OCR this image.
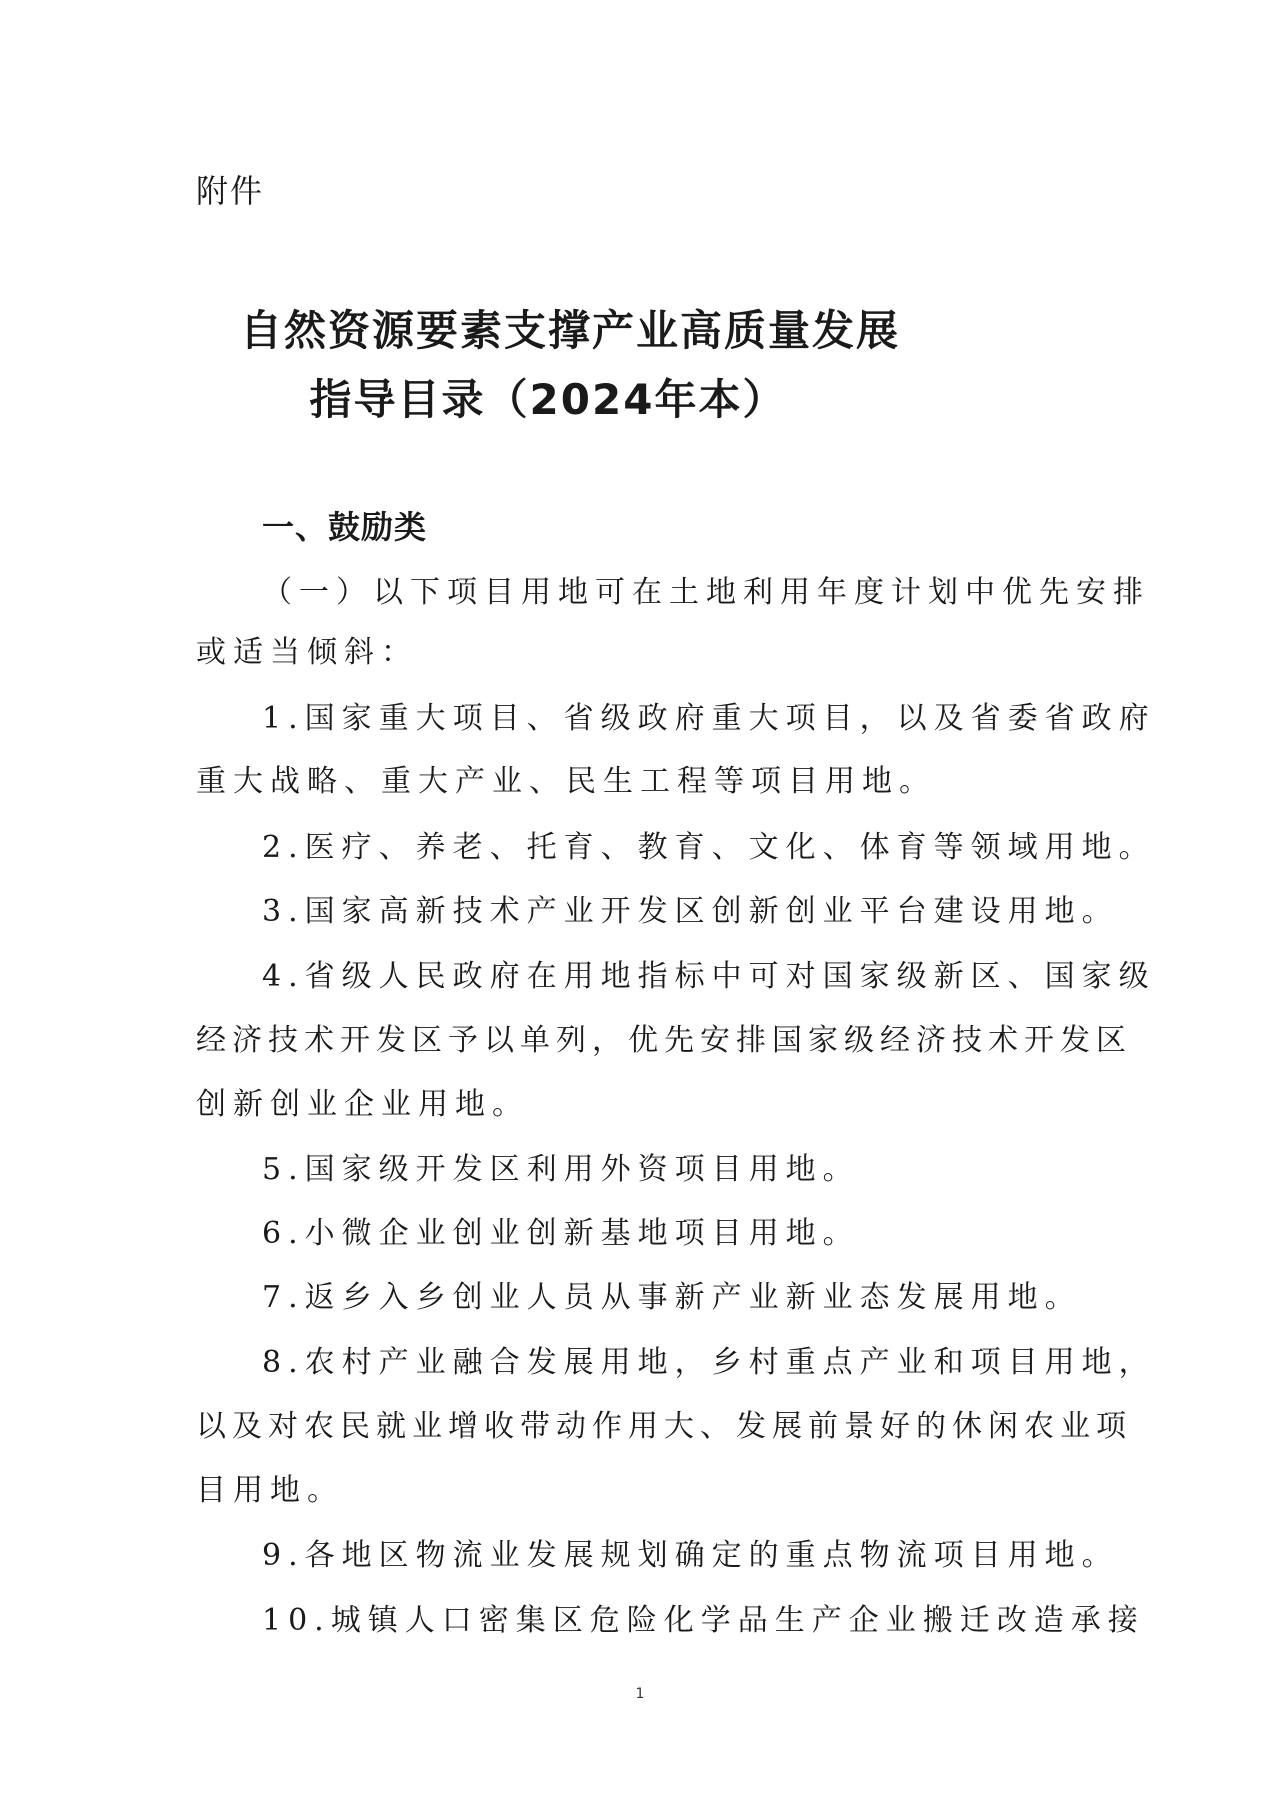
附件
自然资源要素支撑产业高质量发展
指导目录（2024年本）
一、鼓励类
（一）以下项目用地可在土地利用年度计划中优先安排
或适当倾斜：
1.国家重大项目、省级政府重大项目，以及省委省政府
重大战略、重大产业、民生工程等项目用地。
2.医疗、养老、托育、教育、文化、体育等领域用地。
3.国家高新技术产业开发区创新创业平台建设用地。
4.省级人民政府在用地指标中可对国家级新区、国家级
经济技术开发区予以单列，优先安排国家级经济技术开发区
创新创业企业用地。
5.国家级开发区利用外资项目用地。
6.小微企业创业创新基地项目用地。
7.返乡入乡创业人员从事新产业新业态发展用地。
8.农村产业融合发展用地，乡村重点产业和项目用地，
以及对农民就业增收带动作用大、发展前景好的休闲农业项
目用地。
9.各地区物流业发展规划确定的重点物流项目用地。
10.城镇人口密集区危险化学品生产企业搬迁改造承接
1
